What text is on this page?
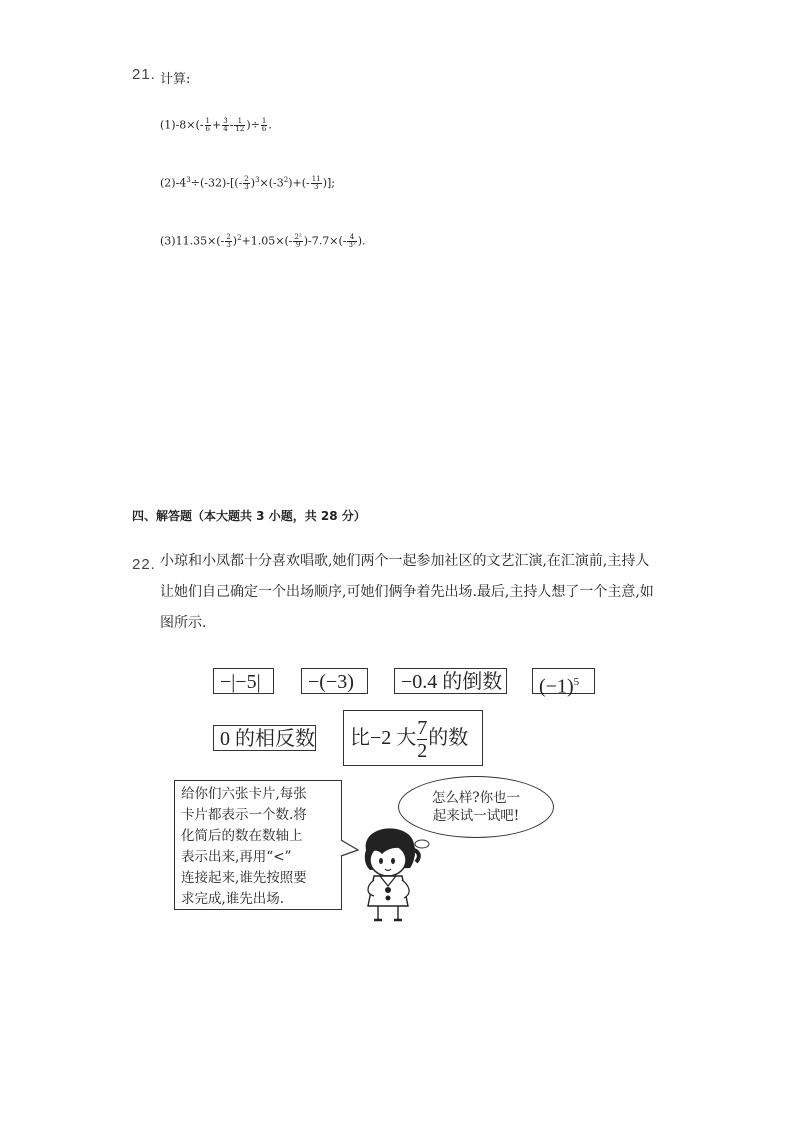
21. 计算:
$(1)-8\times(- \frac{1}{6} + \frac{3}{4} - \frac{1}{12}$ )÷ $\frac{1}{6}$ .
$(2)-4^3\div(-32)-[(- \frac{2}{3} )^3\times(-3^2)+(- \frac{11}{3}$ )];
$(3)11.35\times(- \frac{2}{3} )^2+1.05\times(- \frac{\text{2²}}{9} )-7.7\times(- \frac{4}{\text{3²}}$ ).
四、解答题（本大题共 3 小题，共 28 分）
22. 小琼和小凤都十分喜欢唱歌,她们两个一起参加社区的文艺汇演,在汇演前,主持人
让她们自己确定一个出场顺序,可她们俩争着先出场.最后,主持人想了一个主意,如
图所示.
−|−5|	−(−3)	−0.4 的倒数	$(-1)^5$
0 的相反数	比−2 大 $\frac{7}{2}$ 的数
给你们六张卡片,每张
卡片都表示一个数.将
化简后的数在数轴上
表示出来,再用“<”
连接起来,谁先按照要
求完成,谁先出场.
怎么样?你也一
起来试一试吧!
